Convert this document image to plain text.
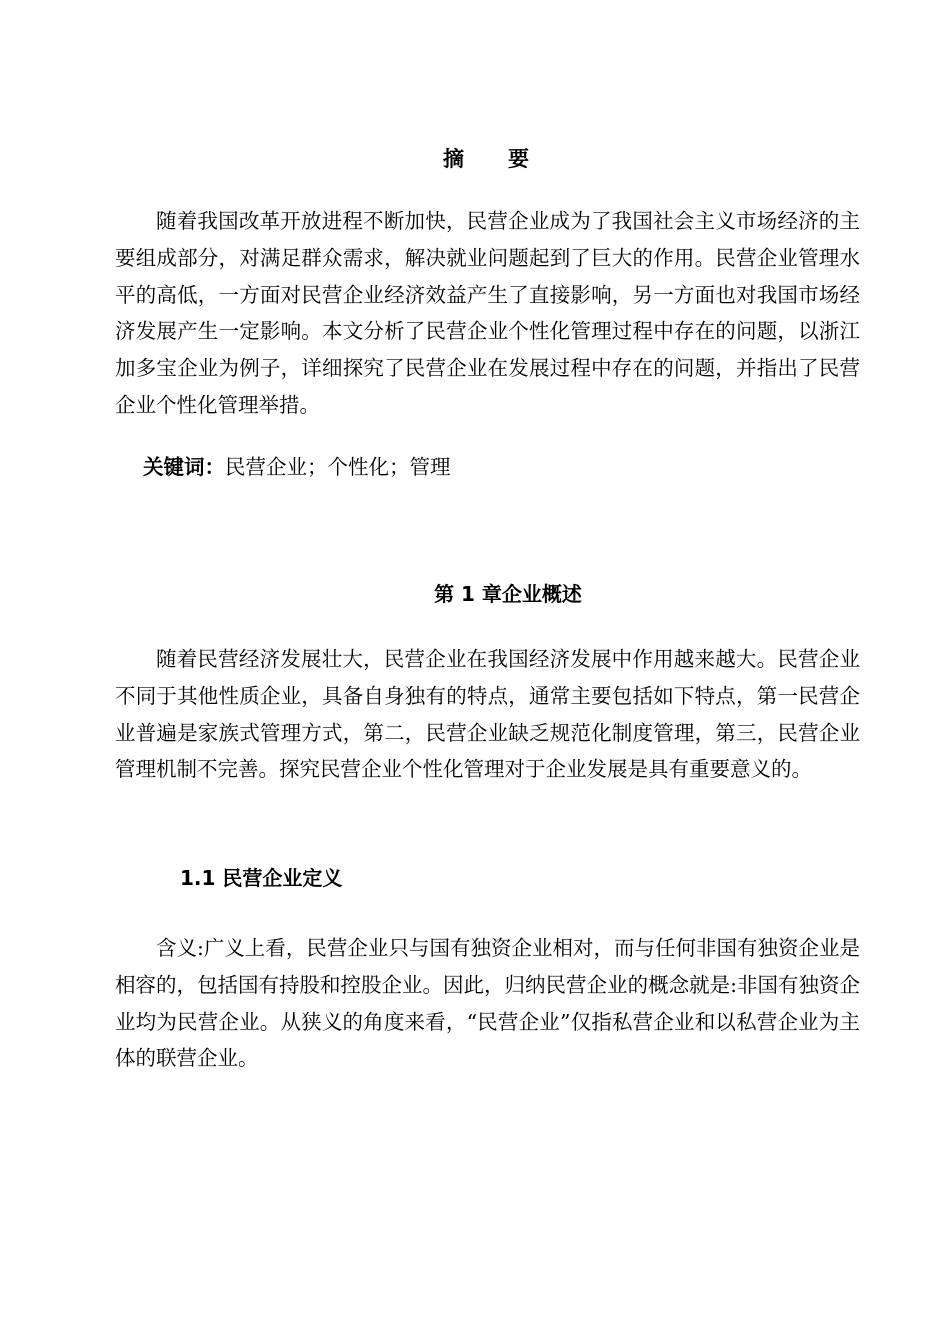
摘要

随着我国改革开放进程不断加快，民营企业成为了我国社会主义市场经济的主要组成部分，对满足群众需求，解决就业问题起到了巨大的作用。民营企业管理水平的高低，一方面对民营企业经济效益产生了直接影响，另一方面也对我国市场经济发展产生一定影响。本文分析了民营企业个性化管理过程中存在的问题，以浙江加多宝企业为例子，详细探究了民营企业在发展过程中存在的问题，并指出了民营企业个性化管理举措。

关键词：民营企业；个性化；管理
第 1 章企业概述

随着民营经济发展壮大，民营企业在我国经济发展中作用越来越大。民营企业不同于其他性质企业，具备自身独有的特点，通常主要包括如下特点，第一民营企业普遍是家族式管理方式，第二，民营企业缺乏规范化制度管理，第三，民营企业管理机制不完善。探究民营企业个性化管理对于企业发展是具有重要意义的。

1.1 民营企业定义

含义:广义上看，民营企业只与国有独资企业相对，而与任何非国有独资企业是相容的，包括国有持股和控股企业。因此，归纳民营企业的概念就是:非国有独资企业均为民营企业。从狭义的角度来看，“民营企业”仅指私营企业和以私营企业为主体的联营企业。
